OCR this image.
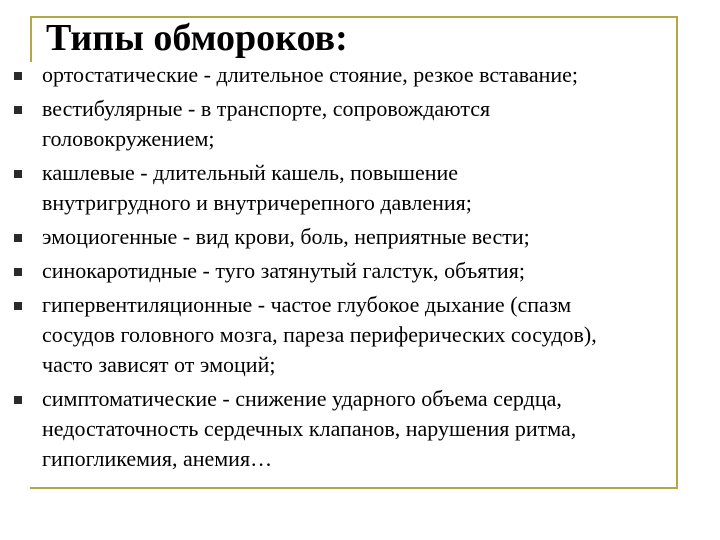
Типы обмороков:
ортостатические - длительное стояние, резкое вставание;
вестибулярные - в транспорте, сопровождаются
головокружением;
кашлевые - длительный кашель, повышение
внутригрудного и внутричерепного давления;
эмоциогенные - вид крови, боль, неприятные вести;
синокаротидные - туго затянутый галстук, объятия;
гипервентиляционные - частое глубокое дыхание (спазм
сосудов головного мозга, пареза периферических сосудов),
часто зависят от эмоций;
симптоматические - снижение ударного объема сердца,
недостаточность сердечных клапанов, нарушения ритма,
гипогликемия, анемия…
